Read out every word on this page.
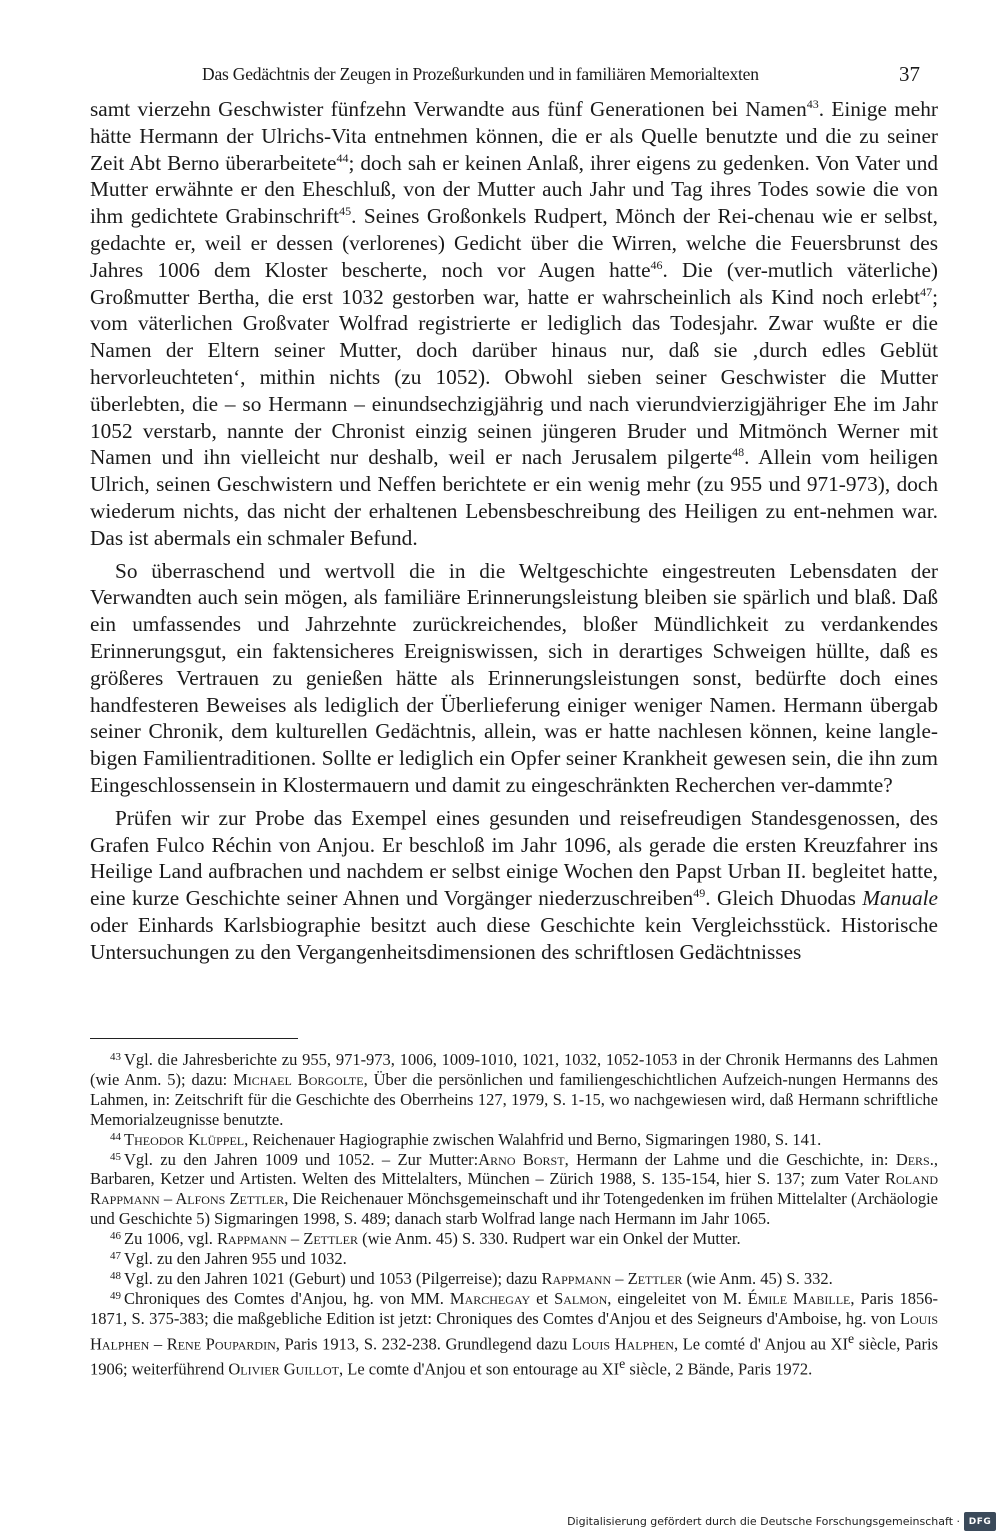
Das Gedächtnis der Zeugen in Prozeßurkunden und in familiären Memorialtexten	37

samt vierzehn Geschwister fünfzehn Verwandte aus fünf Generationen bei Namen$^{43}$. Einige mehr hätte Hermann der Ulrichs-Vita entnehmen können, die er als Quelle benutzte und die zu seiner Zeit Abt Berno überarbeitete$^{44}$; doch sah er keinen Anlaß, ihrer eigens zu gedenken. Von Vater und Mutter erwähnte er den Eheschluß, von der Mutter auch Jahr und Tag ihres Todes sowie die von ihm gedichtete Grabinschrift$^{45}$. Seines Großonkels Rudpert, Mönch der Rei-chenau wie er selbst, gedachte er, weil er dessen (verlorenes) Gedicht über die Wirren, welche die Feuersbrunst des Jahres 1006 dem Kloster bescherte, noch vor Augen hatte$^{46}$. Die (ver-mutlich väterliche) Großmutter Bertha, die erst 1032 gestorben war, hatte er wahrscheinlich als Kind noch erlebt$^{47}$; vom väterlichen Großvater Wolfrad registrierte er lediglich das Todesjahr. Zwar wußte er die Namen der Eltern seiner Mutter, doch darüber hinaus nur, daß sie ‚durch edles Geblüt hervorleuchteten‘, mithin nichts (zu 1052). Obwohl sieben seiner Geschwister die Mutter überlebten, die – so Hermann – einundsechzigjährig und nach vierundvierzigjähriger Ehe im Jahr 1052 verstarb, nannte der Chronist einzig seinen jüngeren Bruder und Mitmönch Werner mit Namen und ihn vielleicht nur deshalb, weil er nach Jerusalem pilgerte$^{48}$. Allein vom heiligen Ulrich, seinen Geschwistern und Neffen berichtete er ein wenig mehr (zu 955 und 971-973), doch wiederum nichts, das nicht der erhaltenen Lebensbeschreibung des Heiligen zu ent-nehmen war. Das ist abermals ein schmaler Befund.

So überraschend und wertvoll die in die Weltgeschichte eingestreuten Lebensdaten der Verwandten auch sein mögen, als familiäre Erinnerungsleistung bleiben sie spärlich und blaß. Daß ein umfassendes und Jahrzehnte zurückreichendes, bloßer Mündlichkeit zu verdankendes Erinnerungsgut, ein faktensicheres Ereigniswissen, sich in derartiges Schweigen hüllte, daß es größeres Vertrauen zu genießen hätte als Erinnerungsleistungen sonst, bedürfte doch eines handfesteren Beweises als lediglich der Überlieferung einiger weniger Namen. Hermann übergab seiner Chronik, dem kulturellen Gedächtnis, allein, was er hatte nachlesen können, keine langle-bigen Familientraditionen. Sollte er lediglich ein Opfer seiner Krankheit gewesen sein, die ihn zum Eingeschlossensein in Klostermauern und damit zu eingeschränkten Recherchen ver-dammte?

Prüfen wir zur Probe das Exempel eines gesunden und reisefreudigen Standesgenossen, des Grafen Fulco Réchin von Anjou. Er beschloß im Jahr 1096, als gerade die ersten Kreuzfahrer ins Heilige Land aufbrachen und nachdem er selbst einige Wochen den Papst Urban II. begleitet hatte, eine kurze Geschichte seiner Ahnen und Vorgänger niederzuschreiben$^{49}$. Gleich Dhuodas Manuale oder Einhards Karlsbiographie besitzt auch diese Geschichte kein Vergleichsstück. Historische Untersuchungen zu den Vergangenheitsdimensionen des schriftlosen Gedächtnisses

$^{43}$ Vgl. die Jahresberichte zu 955, 971-973, 1006, 1009-1010, 1021, 1032, 1052-1053 in der Chronik Hermanns des Lahmen (wie Anm. 5); dazu: Michael Borgolte, Über die persönlichen und familiengeschichtlichen Aufzeich-nungen Hermanns des Lahmen, in: Zeitschrift für die Geschichte des Oberrheins 127, 1979, S. 1-15, wo nachgewiesen wird, daß Hermann schriftliche Memorialzeugnisse benutzte.

$^{44}$ Theodor Klüppel, Reichenauer Hagiographie zwischen Walahfrid und Berno, Sigmaringen 1980, S. 141.

$^{45}$ Vgl. zu den Jahren 1009 und 1052. – Zur Mutter:Arno Borst, Hermann der Lahme und die Geschichte, in: Ders., Barbaren, Ketzer und Artisten. Welten des Mittelalters, München – Zürich 1988, S. 135-154, hier S. 137; zum Vater Roland Rappmann – Alfons Zettler, Die Reichenauer Mönchsgemeinschaft und ihr Totengedenken im frühen Mittelalter (Archäologie und Geschichte 5) Sigmaringen 1998, S. 489; danach starb Wolfrad lange nach Hermann im Jahr 1065.

$^{46}$ Zu 1006, vgl. Rappmann – Zettler (wie Anm. 45) S. 330. Rudpert war ein Onkel der Mutter.

$^{47}$ Vgl. zu den Jahren 955 und 1032.

$^{48}$ Vgl. zu den Jahren 1021 (Geburt) und 1053 (Pilgerreise); dazu Rappmann – Zettler (wie Anm. 45) S. 332.

$^{49}$ Chroniques des Comtes d'Anjou, hg. von MM. Marchegay et Salmon, eingeleitet von M. Émile Mabille, Paris 1856-1871, S. 375-383; die maßgebliche Edition ist jetzt: Chroniques des Comtes d'Anjou et des Seigneurs d'Amboise, hg. von Louis Halphen – Rene Poupardin, Paris 1913, S. 232-238. Grundlegend dazu Louis Halphen, Le comté d' Anjou au XIe siècle, Paris 1906; weiterführend Olivier Guillot, Le comte d'Anjou et son entourage au XIe siècle, 2 Bände, Paris 1972.

Digitalisierung gefördert durch die Deutsche Forschungsgemeinschaft · DFG
